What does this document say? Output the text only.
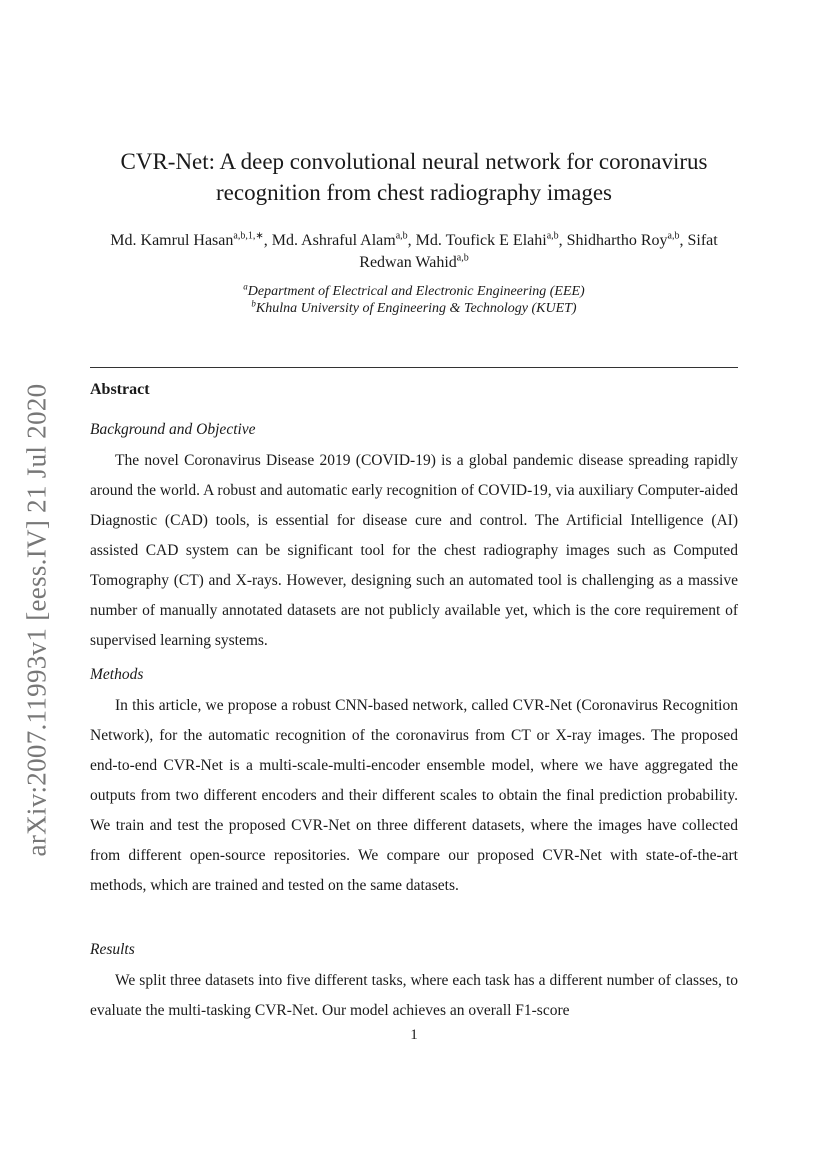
arXiv:2007.11993v1 [eess.IV] 21 Jul 2020
CVR-Net: A deep convolutional neural network for coronavirus
recognition from chest radiography images
Md. Kamrul Hasan$^{a,b,1,∗}$, Md. Ashraful Alam$^{a,b}$, Md. Toufick E Elahi$^{a,b}$, Shidhartho Roy$^{a,b}$, Sifat Redwan Wahid$^{a,b}$
$^a$Department of Electrical and Electronic Engineering (EEE)
$^b$Khulna University of Engineering & Technology (KUET)
Abstract
Background and Objective
The novel Coronavirus Disease 2019 (COVID-19) is a global pandemic disease spreading rapidly around the world. A robust and automatic early recognition of COVID-19, via auxiliary Computer-aided Diagnostic (CAD) tools, is essential for disease cure and control. The Artificial Intelligence (AI) assisted CAD system can be significant tool for the chest radiography images such as Computed Tomography (CT) and X-rays. However, designing such an automated tool is challenging as a massive number of manually annotated datasets are not publicly available yet, which is the core requirement of supervised learning systems.
Methods
In this article, we propose a robust CNN-based network, called CVR-Net (Coronavirus Recognition Network), for the automatic recognition of the coronavirus from CT or X-ray images. The proposed end-to-end CVR-Net is a multi-scale-multi-encoder ensemble model, where we have aggregated the outputs from two different encoders and their different scales to obtain the final prediction probability. We train and test the proposed CVR-Net on three different datasets, where the images have collected from different open-source repositories. We compare our proposed CVR-Net with state-of-the-art methods, which are trained and tested on the same datasets.
Results
We split three datasets into five different tasks, where each task has a different number of classes, to evaluate the multi-tasking CVR-Net. Our model achieves an overall F1-score
1
